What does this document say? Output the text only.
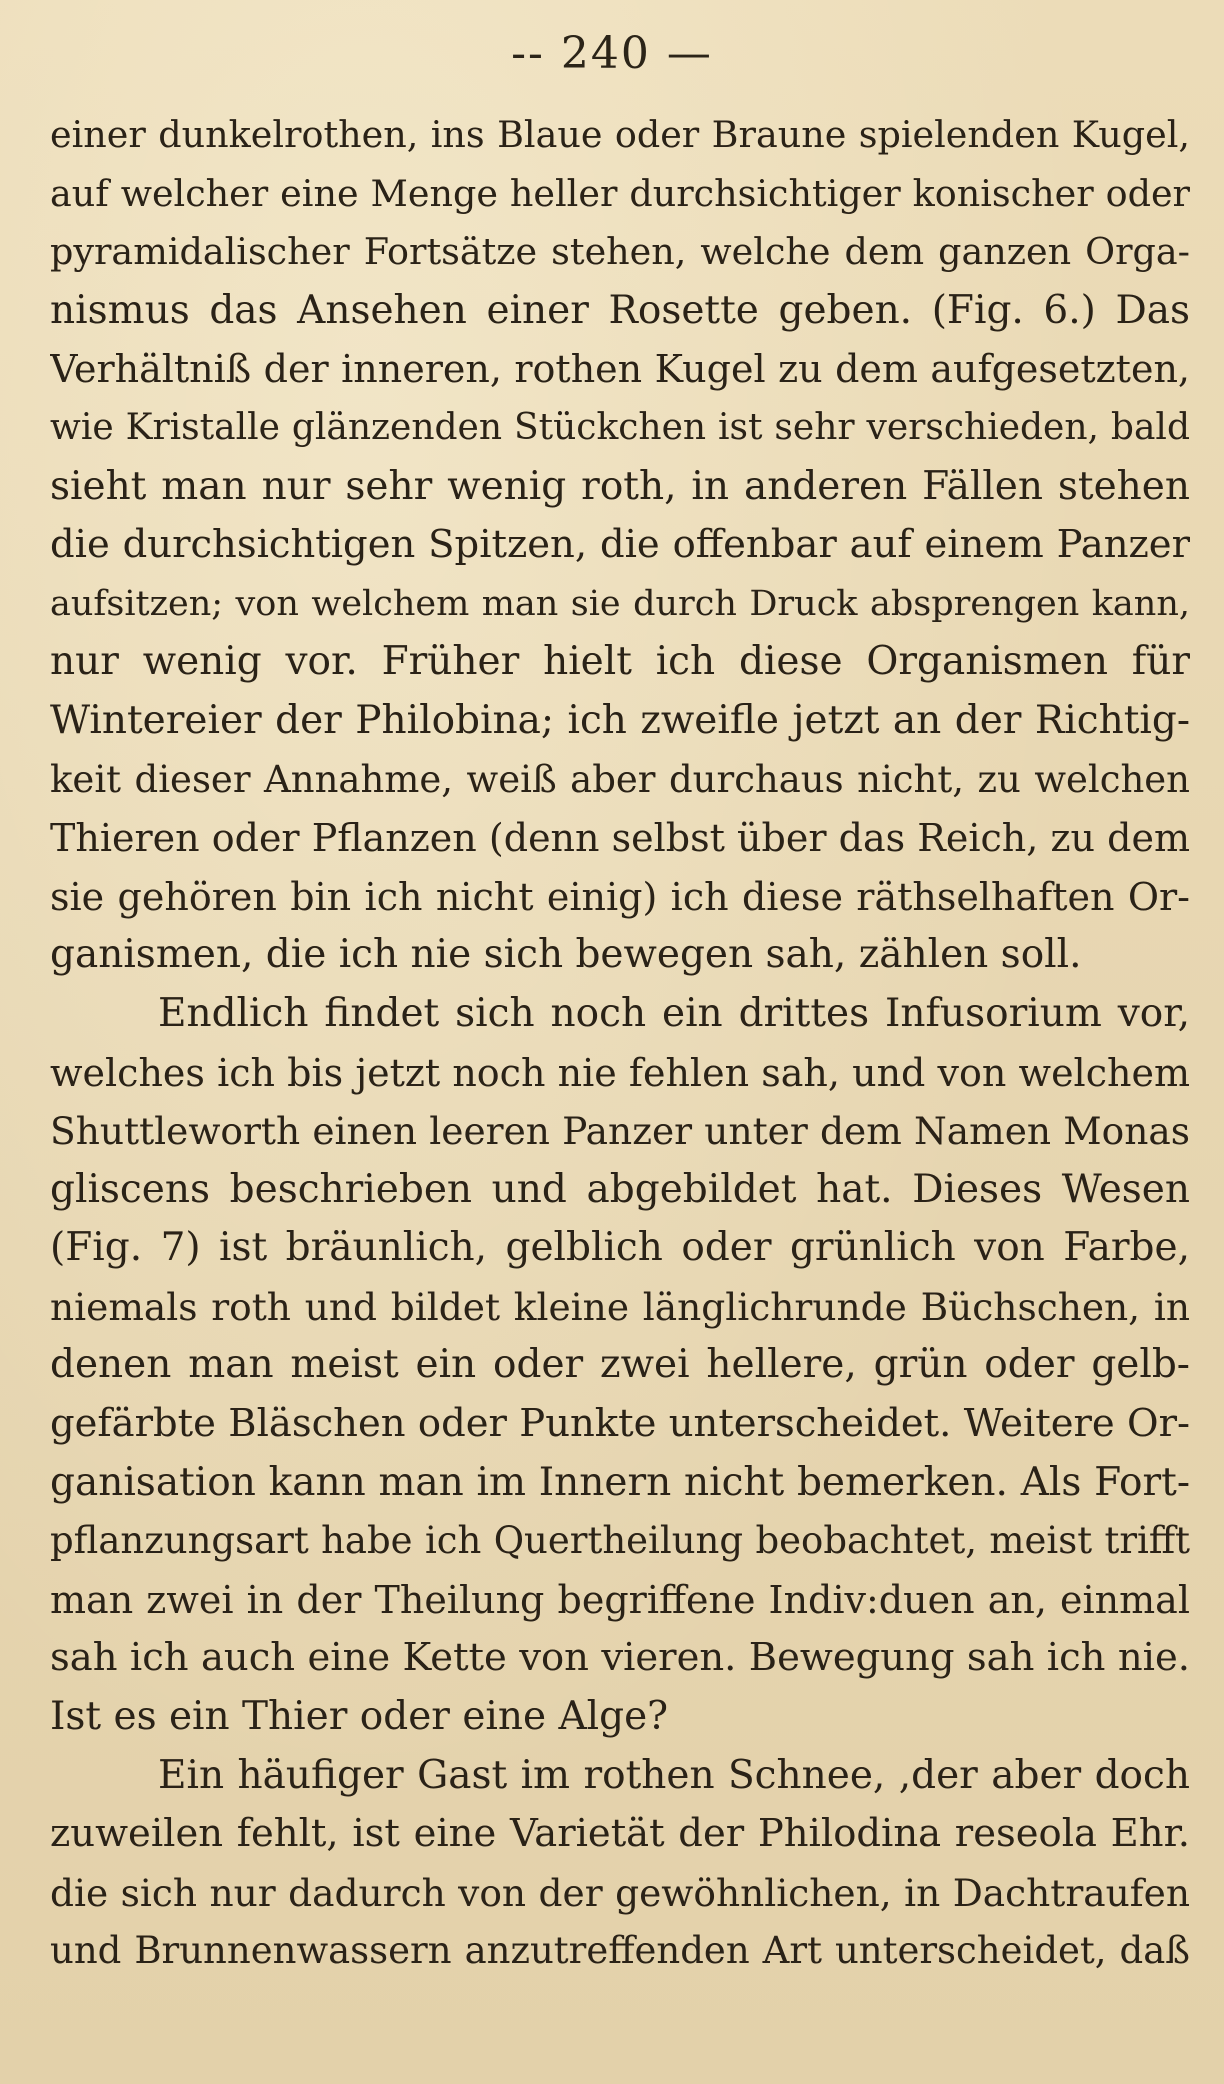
-- 240 —
einer dunkelrothen, ins Blaue oder Braune spielenden Kugel,
auf welcher eine Menge heller durchsichtiger konischer oder
pyramidalischer Fortsätze stehen, welche dem ganzen Orga-
nismus das Ansehen einer Rosette geben. (Fig. 6.) Das
Verhältniß der inneren, rothen Kugel zu dem aufgesetzten,
wie Kristalle glänzenden Stückchen ist sehr verschieden, bald
sieht man nur sehr wenig roth, in anderen Fällen stehen
die durchsichtigen Spitzen, die offenbar auf einem Panzer
aufsitzen; von welchem man sie durch Druck absprengen kann,
nur wenig vor. Früher hielt ich diese Organismen für
Wintereier der Philobina; ich zweifle jetzt an der Richtig-
keit dieser Annahme, weiß aber durchaus nicht, zu welchen
Thieren oder Pflanzen (denn selbst über das Reich, zu dem
sie gehören bin ich nicht einig) ich diese räthselhaften Or-
ganismen, die ich nie sich bewegen sah, zählen soll.
Endlich findet sich noch ein drittes Infusorium vor,
welches ich bis jetzt noch nie fehlen sah, und von welchem
Shuttleworth einen leeren Panzer unter dem Namen Monas
gliscens beschrieben und abgebildet hat. Dieses Wesen
(Fig. 7) ist bräunlich, gelblich oder grünlich von Farbe,
niemals roth und bildet kleine länglichrunde Büchschen, in
denen man meist ein oder zwei hellere, grün oder gelb-
gefärbte Bläschen oder Punkte unterscheidet. Weitere Or-
ganisation kann man im Innern nicht bemerken. Als Fort-
pflanzungsart habe ich Quertheilung beobachtet, meist trifft
man zwei in der Theilung begriffene Indiv:duen an, einmal
sah ich auch eine Kette von vieren. Bewegung sah ich nie.
Ist es ein Thier oder eine Alge?
Ein häufiger Gast im rothen Schnee, ,der aber doch
zuweilen fehlt, ist eine Varietät der Philodina reseola Ehr.
die sich nur dadurch von der gewöhnlichen, in Dachtraufen
und Brunnenwassern anzutreffenden Art unterscheidet, daß
